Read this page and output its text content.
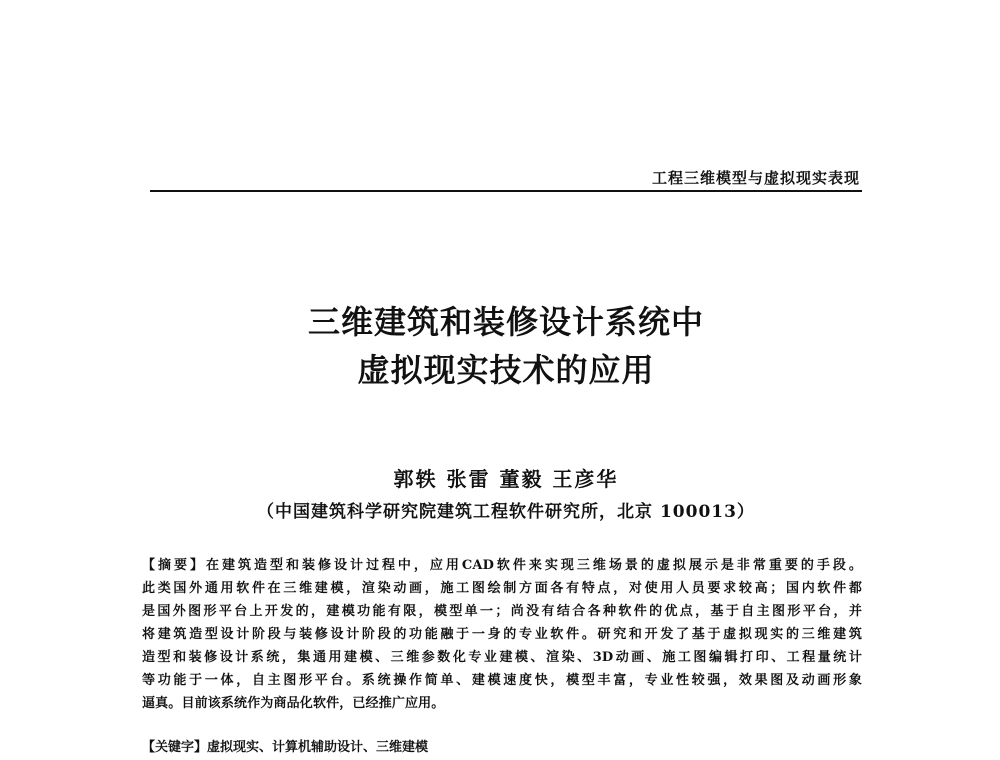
工程三维模型与虚拟现实表现
三维建筑和装修设计系统中
虚拟现实技术的应用
郭轶 张雷 董毅 王彦华
（中国建筑科学研究院建筑工程软件研究所，北京 100013）
【摘要】在建筑造型和装修设计过程中，应用CAD软件来实现三维场景的虚拟展示是非常重要的手段。
此类国外通用软件在三维建模，渲染动画，施工图绘制方面各有特点，对使用人员要求较高；国内软件都
是国外图形平台上开发的，建模功能有限，模型单一；尚没有结合各种软件的优点，基于自主图形平台，并
将建筑造型设计阶段与装修设计阶段的功能融于一身的专业软件。研究和开发了基于虚拟现实的三维建筑
造型和装修设计系统，集通用建模、三维参数化专业建模、渲染、3D动画、施工图编辑打印、工程量统计
等功能于一体，自主图形平台。系统操作简单、建模速度快，模型丰富，专业性较强，效果图及动画形象
逼真。目前该系统作为商品化软件，已经推广应用。
【关键字】虚拟现实、计算机辅助设计、三维建模
